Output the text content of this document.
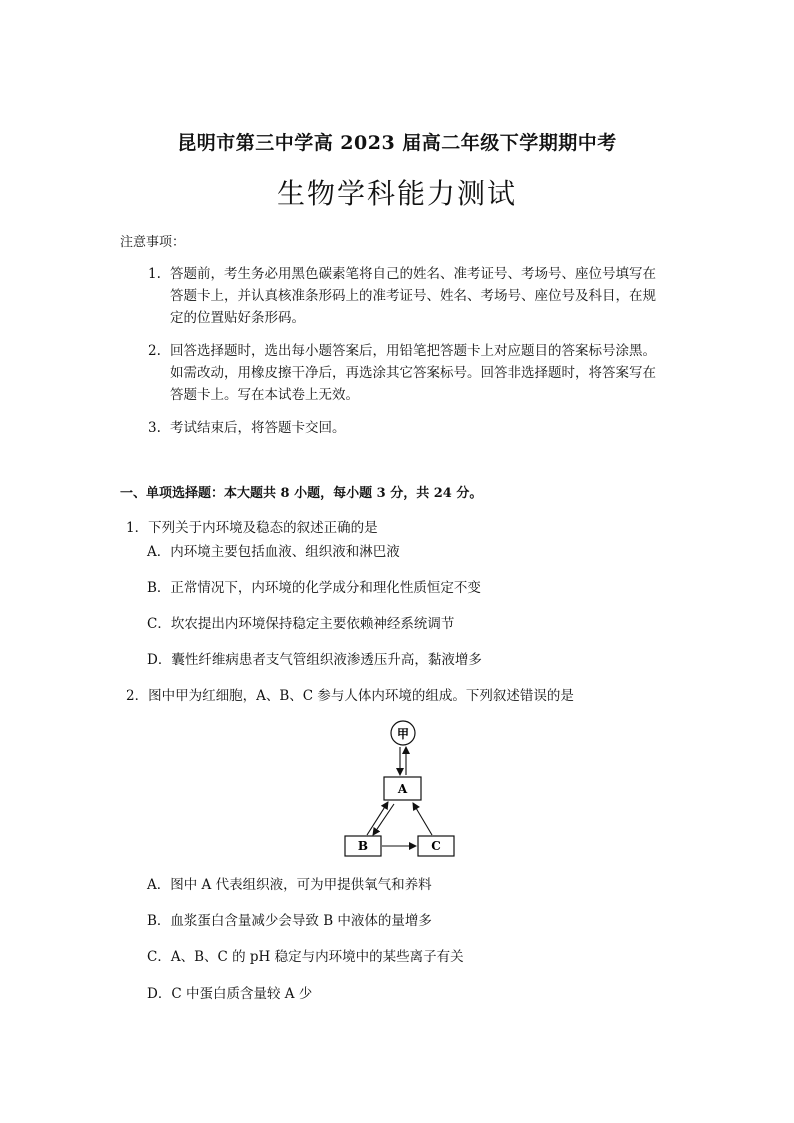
昆明市第三中学高 2023 届高二年级下学期期中考
生物学科能力测试
注意事项：
1. 答题前，考生务必用黑色碳素笔将自己的姓名、准考证号、考场号、座位号填写在
答题卡上，并认真核准条形码上的准考证号、姓名、考场号、座位号及科目，在规
定的位置贴好条形码。
2. 回答选择题时，选出每小题答案后，用铅笔把答题卡上对应题目的答案标号涂黑。
如需改动，用橡皮擦干净后，再选涂其它答案标号。回答非选择题时，将答案写在
答题卡上。写在本试卷上无效。
3. 考试结束后，将答题卡交回。
一、单项选择题：本大题共 8 小题，每小题 3 分，共 24 分。
1．下列关于内环境及稳态的叙述正确的是
A．内环境主要包括血液、组织液和淋巴液
B．正常情况下，内环境的化学成分和理化性质恒定不变
C．坎农提出内环境保持稳定主要依赖神经系统调节
D．囊性纤维病患者支气管组织液渗透压升高，黏液增多
2．图中甲为红细胞，A、B、C 参与人体内环境的组成。下列叙述错误的是
甲
A
B	C
A．图中 A 代表组织液，可为甲提供氧气和养料
B．血浆蛋白含量减少会导致 B 中液体的量增多
C．A、B、C 的 pH 稳定与内环境中的某些离子有关
D．C 中蛋白质含量较 A 少
